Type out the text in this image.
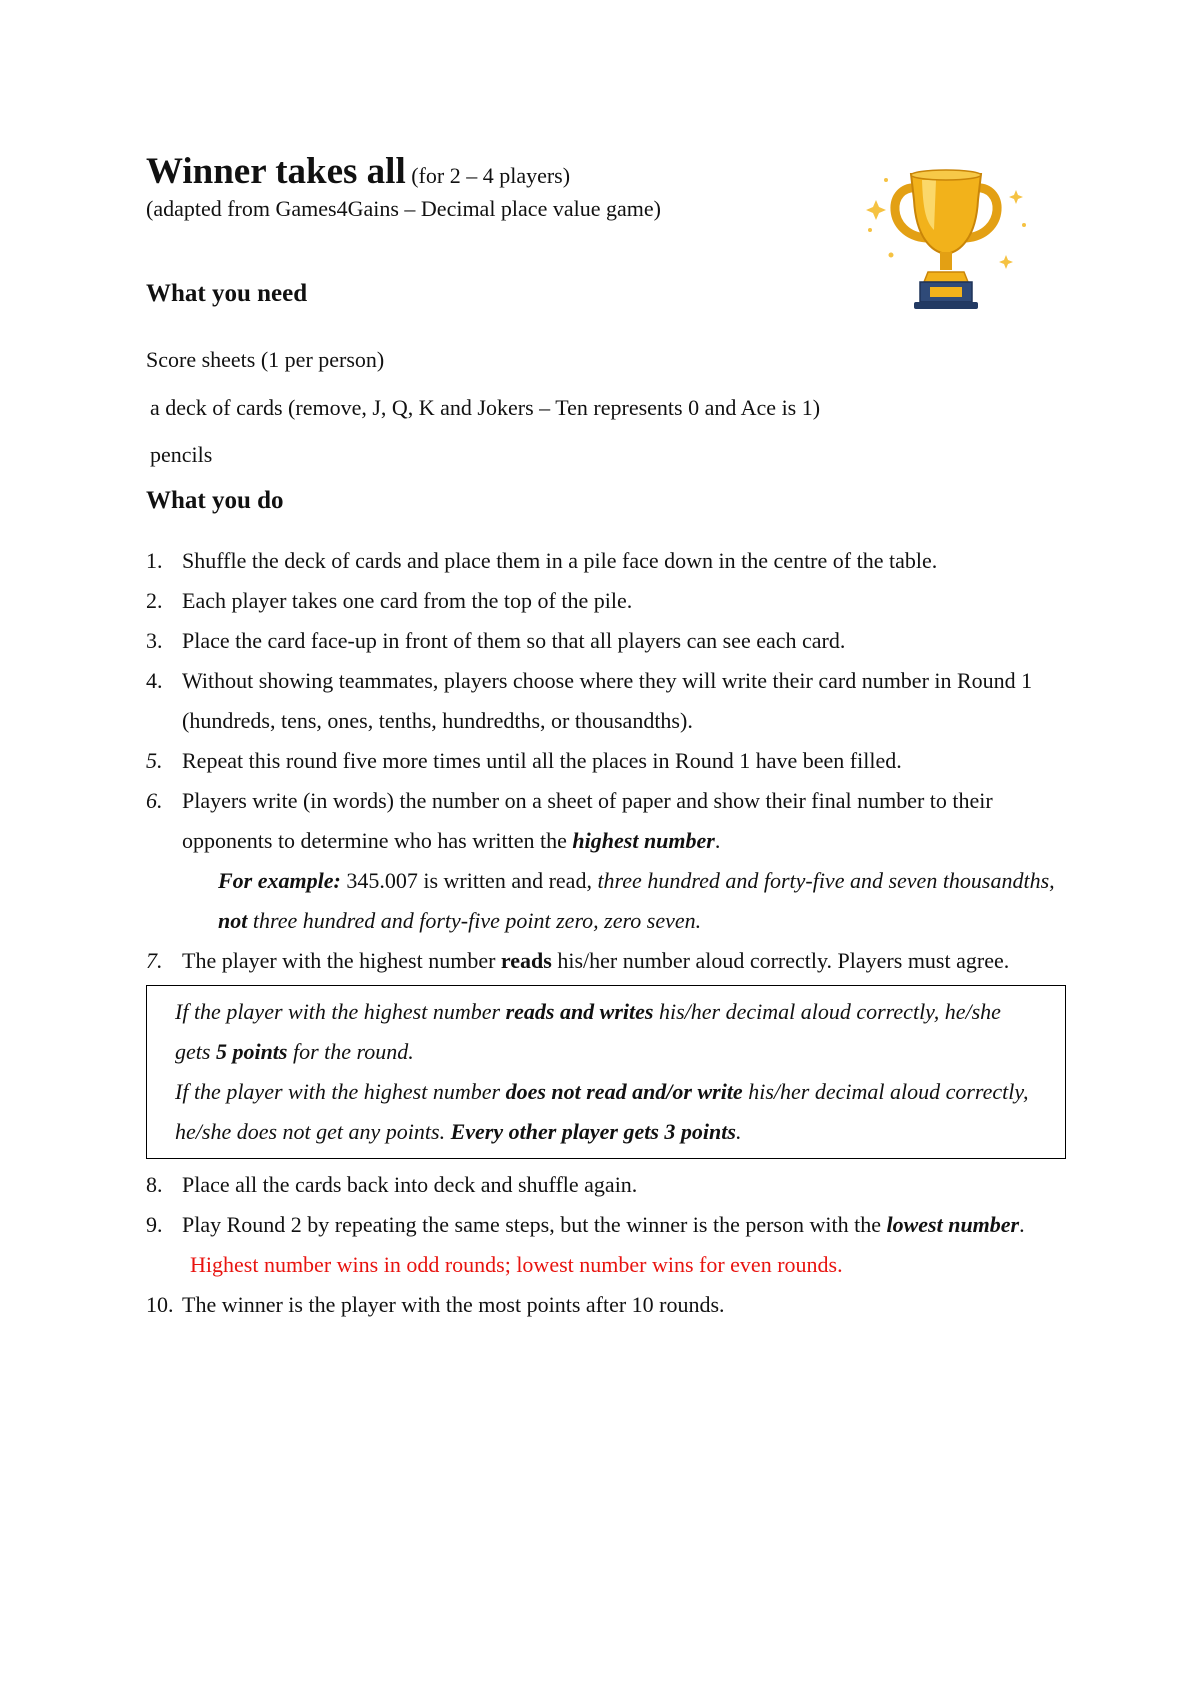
Winner takes all (for 2 – 4 players)
(adapted from Games4Gains – Decimal place value game)
What you need
Score sheets (1 per person)
a deck of cards (remove, J, Q, K and Jokers – Ten represents 0 and Ace is 1)
pencils
What you do
1. Shuffle the deck of cards and place them in a pile face down in the centre of the table.
2. Each player takes one card from the top of the pile.
3. Place the card face-up in front of them so that all players can see each card.
4. Without showing teammates, players choose where they will write their card number in Round 1 (hundreds, tens, ones, tenths, hundredths, or thousandths).
5. Repeat this round five more times until all the places in Round 1 have been filled.
6. Players write (in words) the number on a sheet of paper and show their final number to their opponents to determine who has written the highest number.
For example: 345.007 is written and read, three hundred and forty-five and seven thousandths, not three hundred and forty-five point zero, zero seven.
7. The player with the highest number reads his/her number aloud correctly. Players must agree.
If the player with the highest number reads and writes his/her decimal aloud correctly, he/she gets 5 points for the round.
If the player with the highest number does not read and/or write his/her decimal aloud correctly, he/she does not get any points. Every other player gets 3 points.
8. Place all the cards back into deck and shuffle again.
9. Play Round 2 by repeating the same steps, but the winner is the person with the lowest number.
Highest number wins in odd rounds; lowest number wins for even rounds.
10. The winner is the player with the most points after 10 rounds.
